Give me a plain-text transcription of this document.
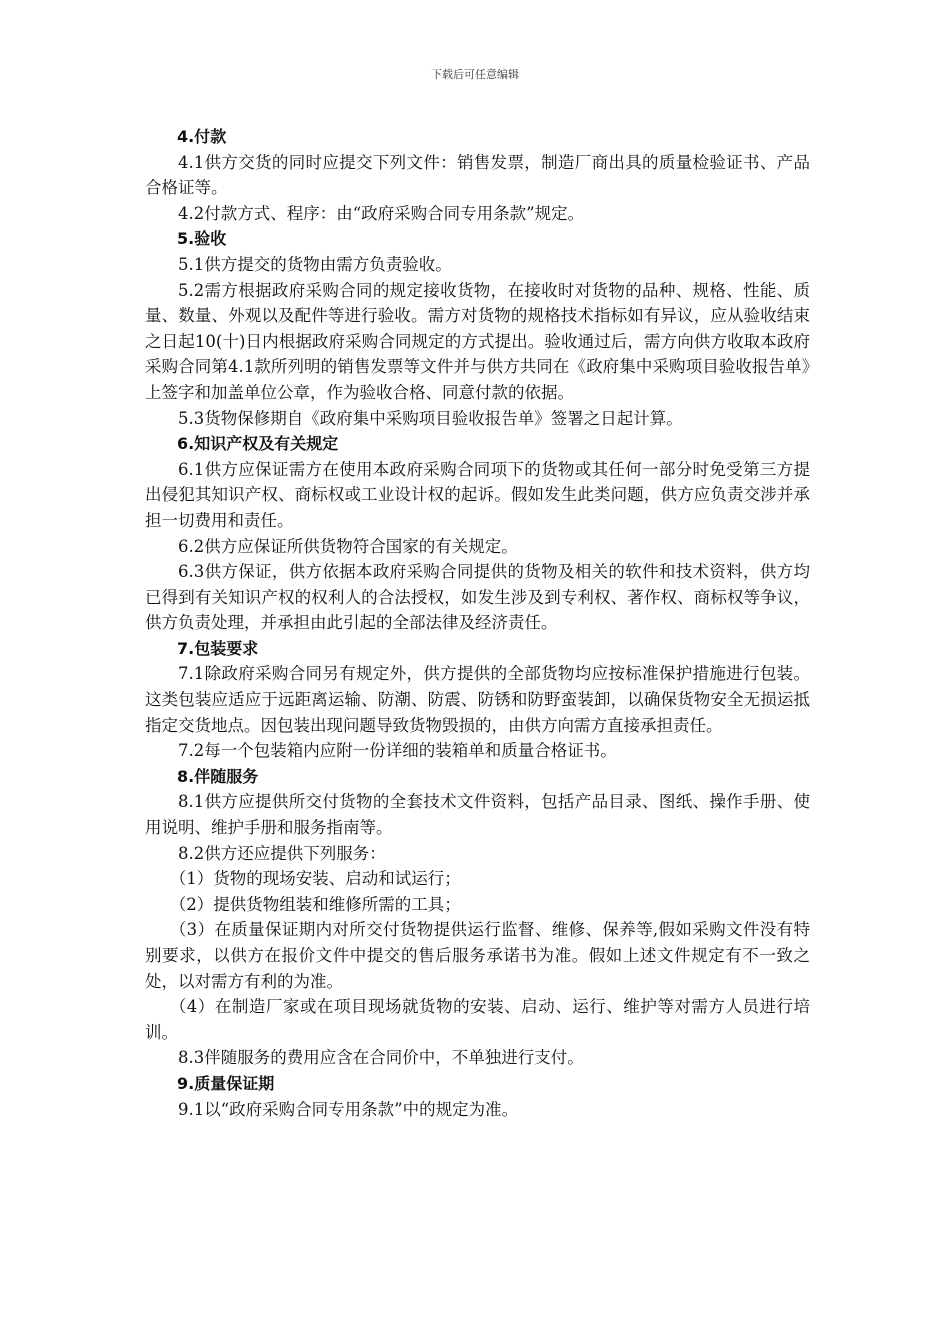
下载后可任意编辑
4.付款
4.1供方交货的同时应提交下列文件：销售发票，制造厂商出具的质量检验证书、产品合格证等。
4.2付款方式、程序：由“政府采购合同专用条款”规定。
5.验收
5.1供方提交的货物由需方负责验收。
5.2需方根据政府采购合同的规定接收货物，在接收时对货物的品种、规格、性能、质量、数量、外观以及配件等进行验收。需方对货物的规格技术指标如有异议，应从验收结束之日起10(十)日内根据政府采购合同规定的方式提出。验收通过后，需方向供方收取本政府采购合同第4.1款所列明的销售发票等文件并与供方共同在《政府集中采购项目验收报告单》上签字和加盖单位公章，作为验收合格、同意付款的依据。
5.3货物保修期自《政府集中采购项目验收报告单》签署之日起计算。
6.知识产权及有关规定
6.1供方应保证需方在使用本政府采购合同项下的货物或其任何一部分时免受第三方提出侵犯其知识产权、商标权或工业设计权的起诉。假如发生此类问题，供方应负责交涉并承担一切费用和责任。
6.2供方应保证所供货物符合国家的有关规定。
6.3供方保证，供方依据本政府采购合同提供的货物及相关的软件和技术资料，供方均已得到有关知识产权的权利人的合法授权，如发生涉及到专利权、著作权、商标权等争议，供方负责处理，并承担由此引起的全部法律及经济责任。
7.包装要求
7.1除政府采购合同另有规定外，供方提供的全部货物均应按标准保护措施进行包装。这类包装应适应于远距离运输、防潮、防震、防锈和防野蛮装卸，以确保货物安全无损运抵指定交货地点。因包装出现问题导致货物毁损的，由供方向需方直接承担责任。
7.2每一个包装箱内应附一份详细的装箱单和质量合格证书。
8.伴随服务
8.1供方应提供所交付货物的全套技术文件资料，包括产品目录、图纸、操作手册、使用说明、维护手册和服务指南等。
8.2供方还应提供下列服务：
（1）货物的现场安装、启动和试运行；
（2）提供货物组装和维修所需的工具；
（3）在质量保证期内对所交付货物提供运行监督、维修、保养等,假如采购文件没有特别要求，以供方在报价文件中提交的售后服务承诺书为准。假如上述文件规定有不一致之处，以对需方有利的为准。
（4）在制造厂家或在项目现场就货物的安装、启动、运行、维护等对需方人员进行培训。
8.3伴随服务的费用应含在合同价中，不单独进行支付。
9.质量保证期
9.1以“政府采购合同专用条款”中的规定为准。
